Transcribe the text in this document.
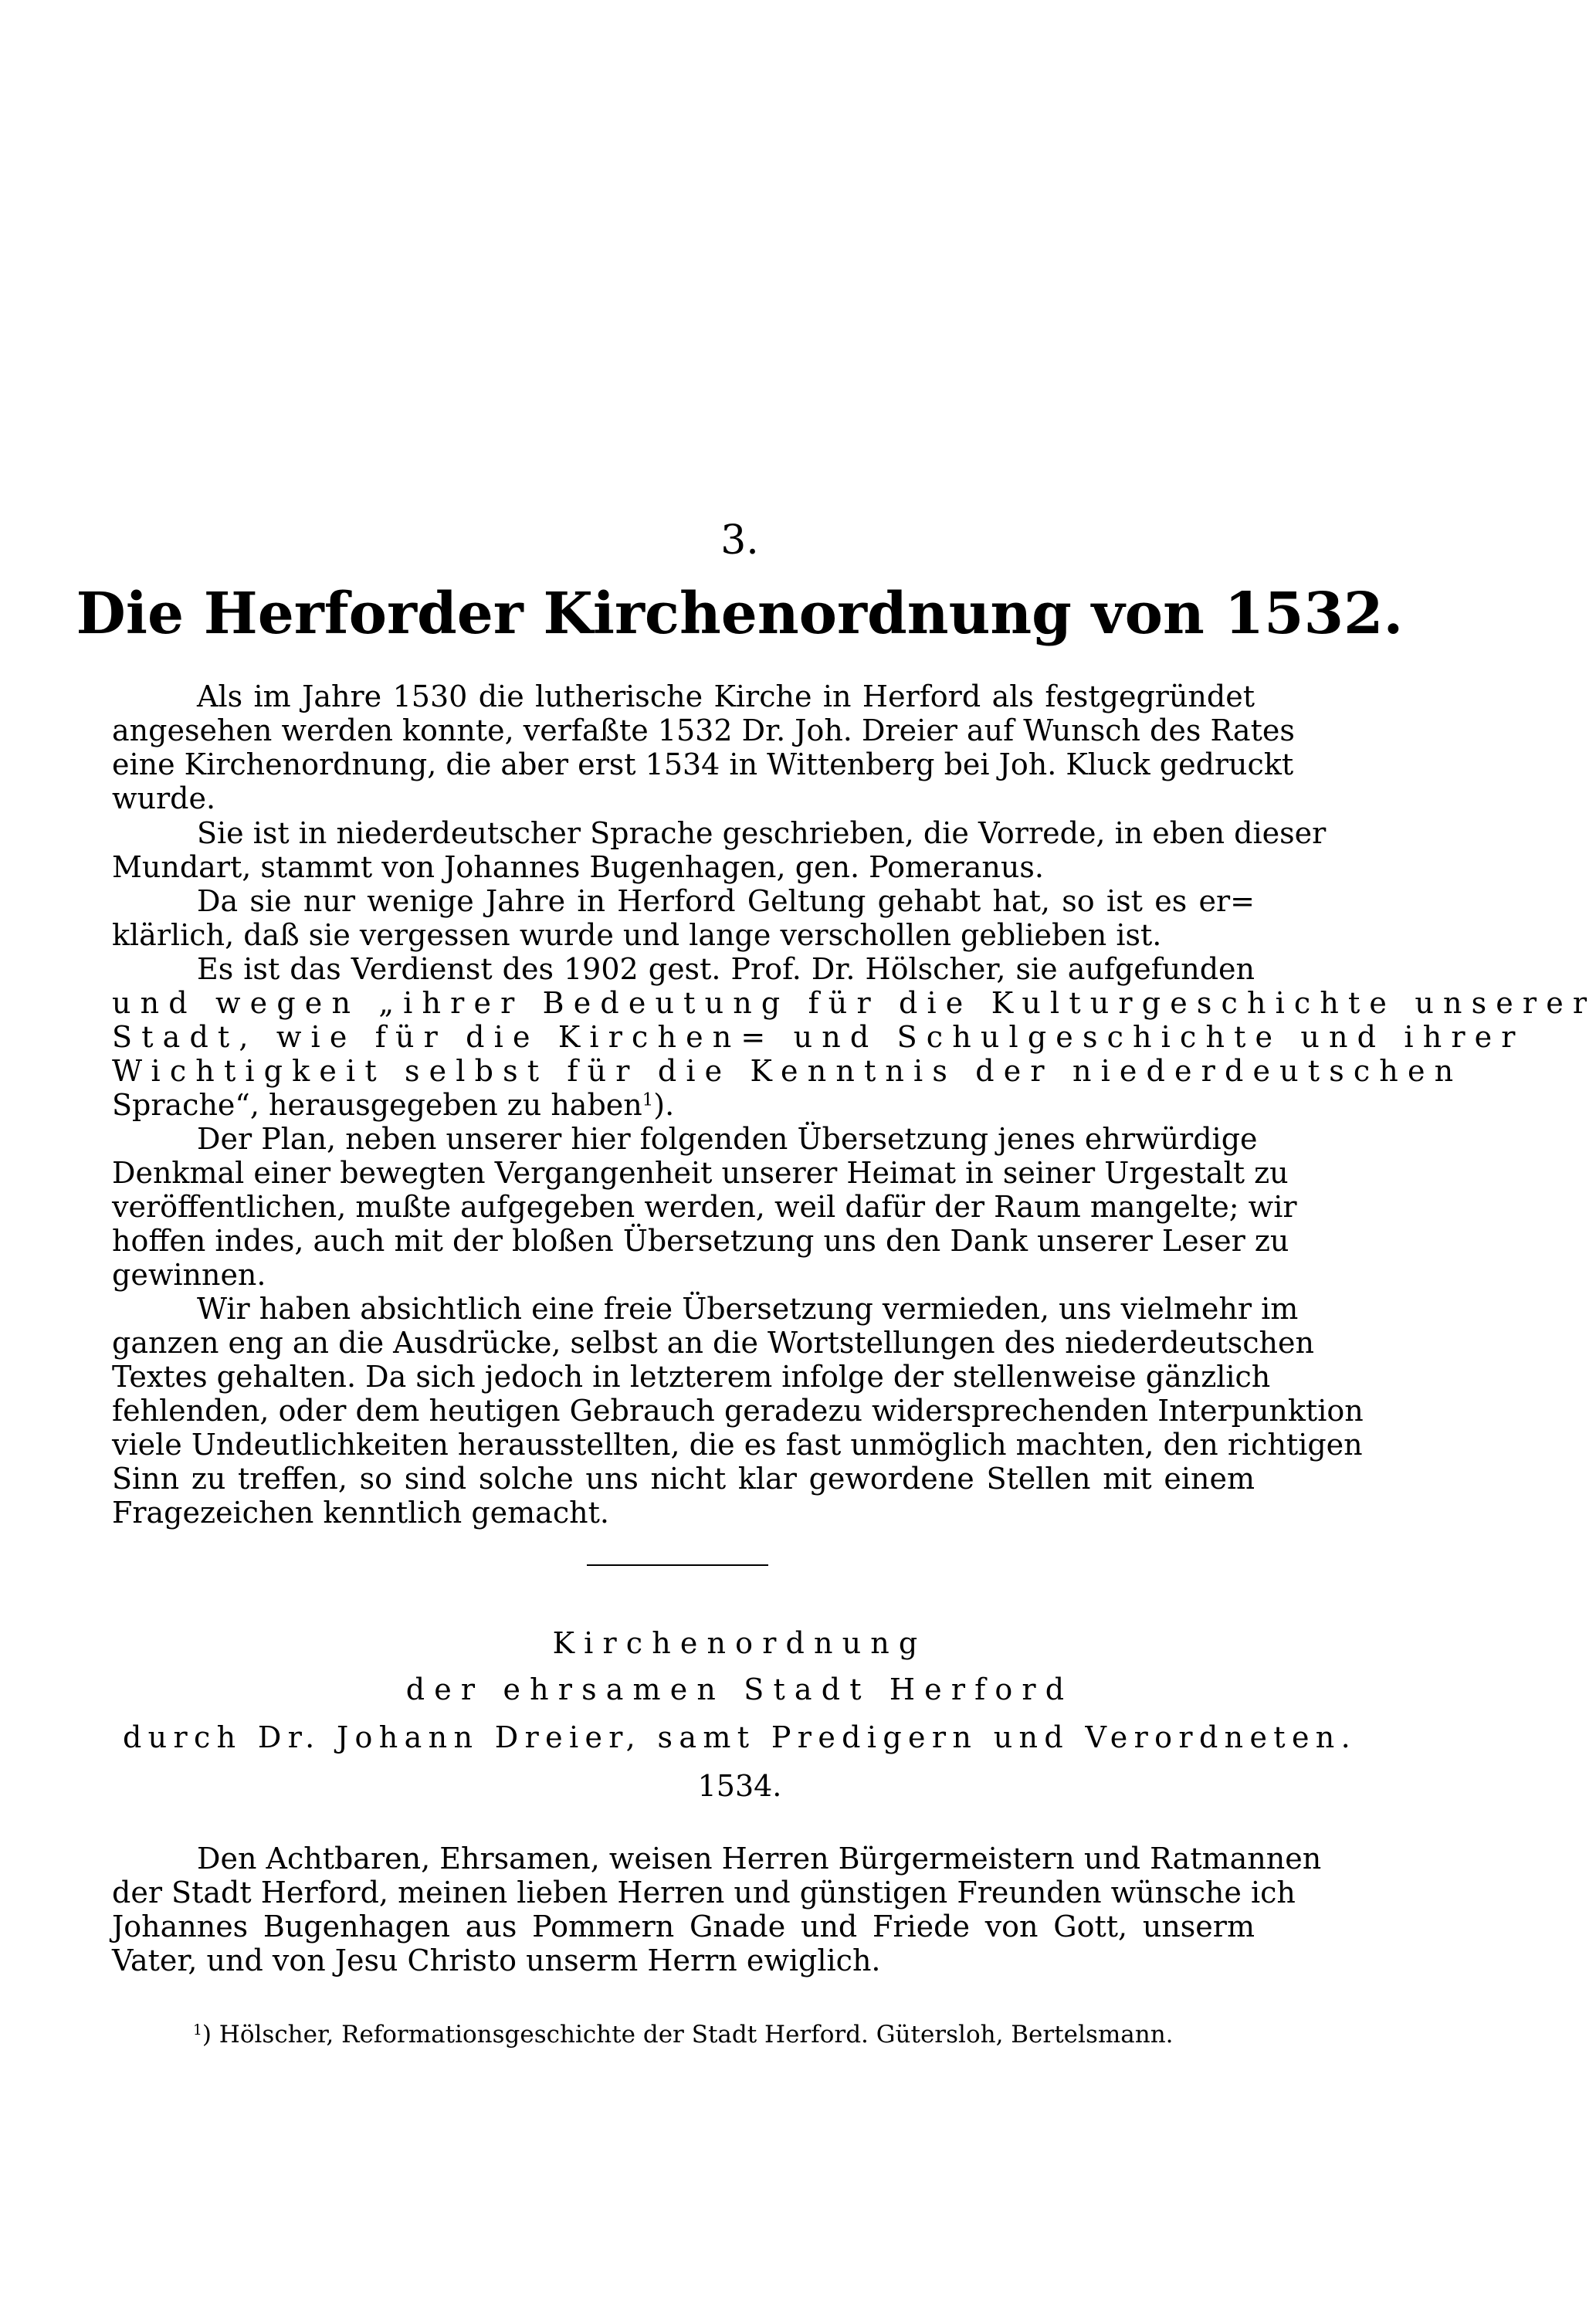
3.
Die Herforder Kirchenordnung von 1532.
Als im Jahre 1530 die lutherische Kirche in Herford als festgegründet
angesehen werden konnte, verfaßte 1532 Dr. Joh. Dreier auf Wunsch des Rates
eine Kirchenordnung, die aber erst 1534 in Wittenberg bei Joh. Kluck gedruckt
wurde.
Sie ist in niederdeutscher Sprache geschrieben, die Vorrede, in eben dieser
Mundart, stammt von Johannes Bugenhagen, gen. Pomeranus.
Da sie nur wenige Jahre in Herford Geltung gehabt hat, so ist es er=
klärlich, daß sie vergessen wurde und lange verschollen geblieben ist.
Es ist das Verdienst des 1902 gest. Prof. Dr. Hölscher, sie aufgefunden
und wegen „ihrer Bedeutung für die Kulturgeschichte unserer
Stadt, wie für die Kirchen= und Schulgeschichte und ihrer
Wichtigkeit selbst für die Kenntnis der niederdeutschen
Sprache“, herausgegeben zu haben$^1$).
Der Plan, neben unserer hier folgenden Übersetzung jenes ehrwürdige
Denkmal einer bewegten Vergangenheit unserer Heimat in seiner Urgestalt zu
veröffentlichen, mußte aufgegeben werden, weil dafür der Raum mangelte; wir
hoffen indes, auch mit der bloßen Übersetzung uns den Dank unserer Leser zu
gewinnen.
Wir haben absichtlich eine freie Übersetzung vermieden, uns vielmehr im
ganzen eng an die Ausdrücke, selbst an die Wortstellungen des niederdeutschen
Textes gehalten. Da sich jedoch in letzterem infolge der stellenweise gänzlich
fehlenden, oder dem heutigen Gebrauch geradezu widersprechenden Interpunktion
viele Undeutlichkeiten herausstellten, die es fast unmöglich machten, den richtigen
Sinn zu treffen, so sind solche uns nicht klar gewordene Stellen mit einem
Fragezeichen kenntlich gemacht.
Kirchenordnung
der ehrsamen Stadt Herford
durch Dr. Johann Dreier, samt Predigern und Verordneten.
1534.
Den Achtbaren, Ehrsamen, weisen Herren Bürgermeistern und Ratmannen
der Stadt Herford, meinen lieben Herren und günstigen Freunden wünsche ich
Johannes Bugenhagen aus Pommern Gnade und Friede von Gott, unserm
Vater, und von Jesu Christo unserm Herrn ewiglich.
$^1$) Hölscher, Reformationsgeschichte der Stadt Herford. Gütersloh, Bertelsmann.
